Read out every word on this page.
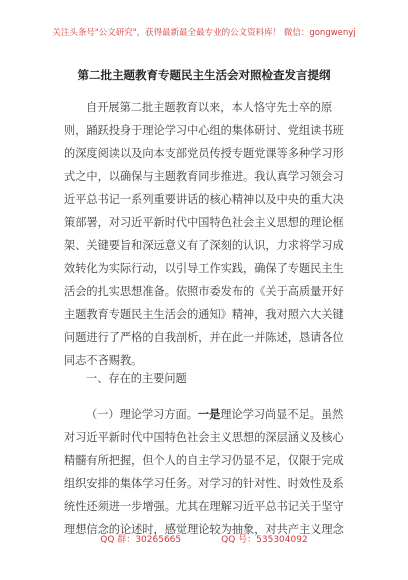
关注头条号"公文研究"，获得最新最全最专业的公文资料库！ 微信：gongwenyj
第二批主题教育专题民主生活会对照检查发言提纲
自开展第二批主题教育以来，本人恪守先士卒的原
则，踊跃投身于理论学习中心组的集体研讨、党组读书班
的深度阅读以及向本支部党员传授专题党课等多种学习形
式之中，以确保与主题教育同步推进。我认真学习领会习
近平总书记一系列重要讲话的核心精神以及中央的重大决
策部署，对习近平新时代中国特色社会主义思想的理论框
架、关键要旨和深远意义有了深刻的认识，力求将学习成
效转化为实际行动，以引导工作实践，确保了专题民主生
活会的扎实思想准备。依照市委发布的《关于高质量开好
主题教育专题民主生活会的通知》精神，我对照六大关键
问题进行了严格的自我剖析，并在此一并陈述，恳请各位
同志不吝赐教。
一、存在的主要问题
（一）理论学习方面。一是理论学习尚显不足。虽然
对习近平新时代中国特色社会主义思想的深层涵义及核心
精髓有所把握，但个人的自主学习仍显不足，仅限于完成
组织安排的集体学习任务。对学习的针对性、时效性及系
统性还须进一步增强。尤其在理解习近平总书记关于坚守
理想信念的论述时，感觉理论较为抽象，对共产主义理念
QQ 群：30265665	QQ 号：535304092
